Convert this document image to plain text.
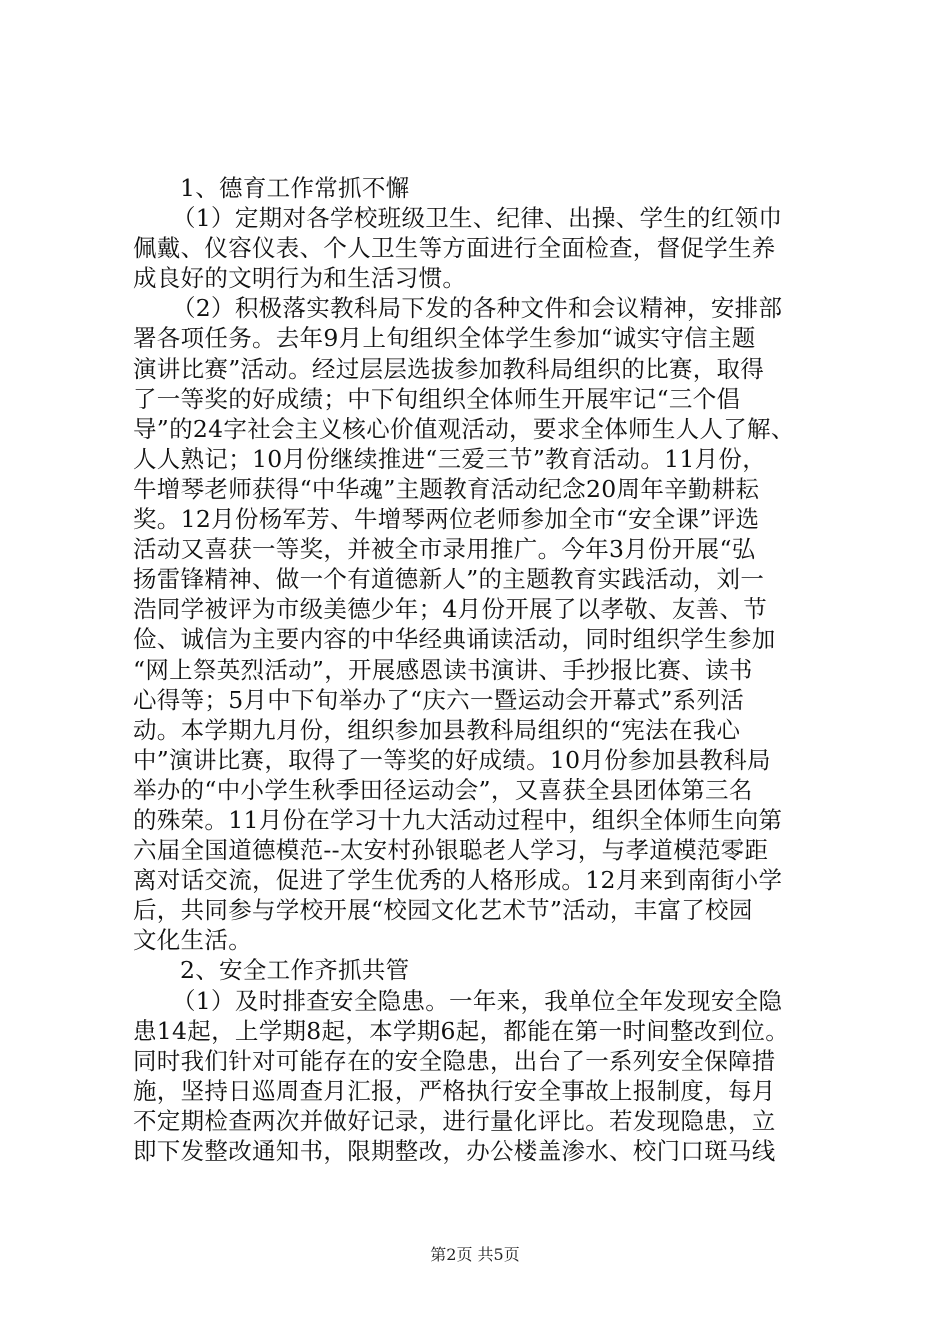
1、德育工作常抓不懈
（1）定期对各学校班级卫生、纪律、出操、学生的红领巾
佩戴、仪容仪表、个人卫生等方面进行全面检查，督促学生养
成良好的文明行为和生活习惯。
（2）积极落实教科局下发的各种文件和会议精神，安排部
署各项任务。去年9月上旬组织全体学生参加“诚实守信主题
演讲比赛”活动。经过层层选拔参加教科局组织的比赛，取得
了一等奖的好成绩；中下旬组织全体师生开展牢记“三个倡
导”的24字社会主义核心价值观活动，要求全体师生人人了解、
人人熟记；10月份继续推进“三爱三节”教育活动。11月份，
牛增琴老师获得“中华魂”主题教育活动纪念20周年辛勤耕耘
奖。12月份杨军芳、牛增琴两位老师参加全市“安全课”评选
活动又喜获一等奖，并被全市录用推广。今年3月份开展“弘
扬雷锋精神、做一个有道德新人”的主题教育实践活动，刘一
浩同学被评为市级美德少年；4月份开展了以孝敬、友善、节
俭、诚信为主要内容的中华经典诵读活动，同时组织学生参加
“网上祭英烈活动”，开展感恩读书演讲、手抄报比赛、读书
心得等；5月中下旬举办了“庆六一暨运动会开幕式”系列活
动。本学期九月份，组织参加县教科局组织的“宪法在我心
中”演讲比赛，取得了一等奖的好成绩。10月份参加县教科局
举办的“中小学生秋季田径运动会”，又喜获全县团体第三名
的殊荣。11月份在学习十九大活动过程中，组织全体师生向第
六届全国道德模范--太安村孙银聪老人学习，与孝道模范零距
离对话交流，促进了学生优秀的人格形成。12月来到南街小学
后，共同参与学校开展“校园文化艺术节”活动，丰富了校园
文化生活。
2、安全工作齐抓共管
（1）及时排查安全隐患。一年来，我单位全年发现安全隐
患14起，上学期8起，本学期6起，都能在第一时间整改到位。
同时我们针对可能存在的安全隐患，出台了一系列安全保障措
施，坚持日巡周查月汇报，严格执行安全事故上报制度，每月
不定期检查两次并做好记录，进行量化评比。若发现隐患，立
即下发整改通知书，限期整改，办公楼盖渗水、校门口斑马线
第2页 共5页
